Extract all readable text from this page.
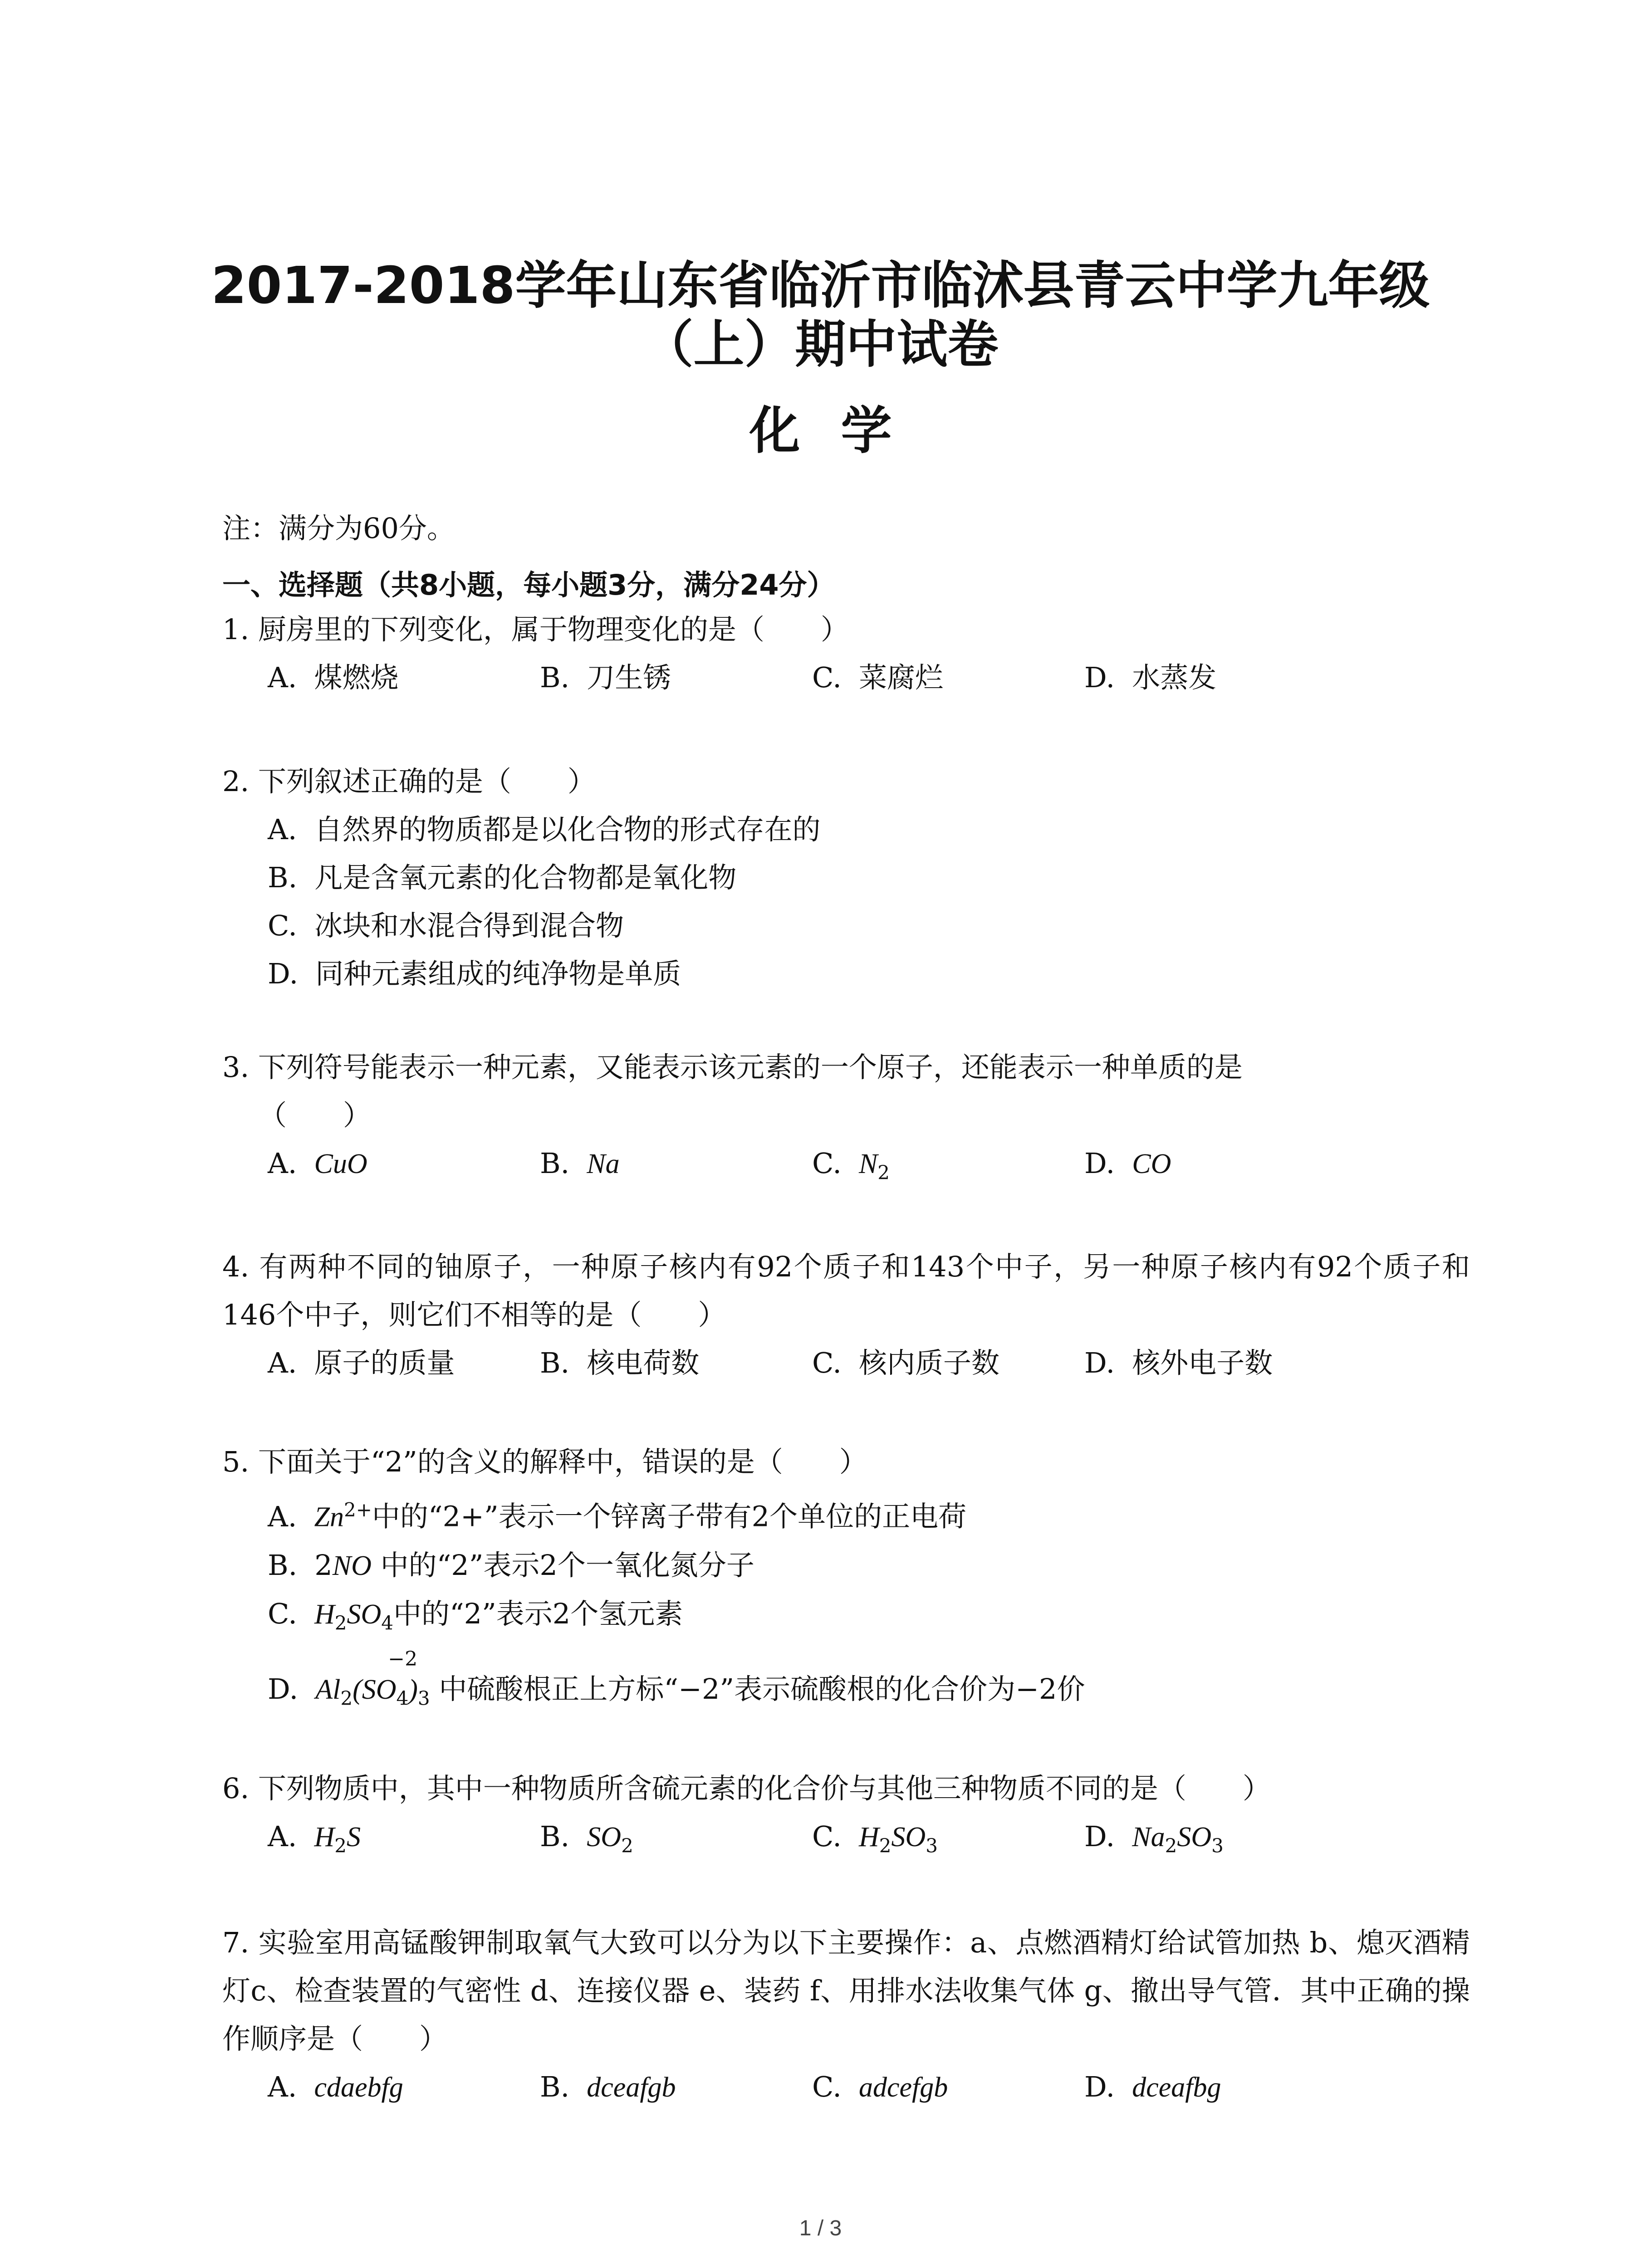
2017-2018学年山东省临沂市临沭县青云中学九年级
（上）期中试卷
化学
注：满分为60分。
一、选择题（共8小题，每小题3分，满分24分）

1. 厨房里的下列变化，属于物理变化的是（　　）

A. 煤燃烧	B. 刀生锈	C. 菜腐烂	D. 水蒸发

2. 下列叙述正确的是（　　）

A. 自然界的物质都是以化合物的形式存在的
B. 凡是含氧元素的化合物都是氧化物
C. 冰块和水混合得到混合物
D. 同种元素组成的纯净物是单质

3. 下列符号能表示一种元素，又能表示该元素的一个原子，还能表示一种单质的是

（　　）

A. CuO	B. Na	C. $N_2$	D. CO

4. 有两种不同的铀原子，一种原子核内有92个质子和143个中子，另一种原子核内有92个质子和146个中子，则它们不相等的是（　　）

A. 原子的质量	B. 核电荷数	C. 核内质子数	D. 核外电子数

5. 下面关于“2”的含义的解释中，错误的是（　　）

A. $Zn^{2+}$中的“2+”表示一个锌离子带有2个单位的正电荷
B. 2NO 中的“2”表示2个一氧化氮分子
C. $H_2SO_4$中的“2”表示2个氢元素
D.
−2
$Al_2(SO_4)_3$ 中硫酸根正上方标“−2”表示硫酸根的化合价为−2价

6. 下列物质中，其中一种物质所含硫元素的化合价与其他三种物质不同的是（　　）

A. $H_2S$	B. $SO_2$	C. $H_2SO_3$	D. $Na_2SO_3$

7. 实验室用高锰酸钾制取氧气大致可以分为以下主要操作：a、点燃酒精灯给试管加热 b、熄灭酒精灯c、检查装置的气密性 d、连接仪器 e、装药 f、用排水法收集气体 g、撤出导气管．其中正确的操作顺序是（　　）

A. cdaebfg	B. dceafgb	C. adcefgb	D. dceafbg
1 / 3
